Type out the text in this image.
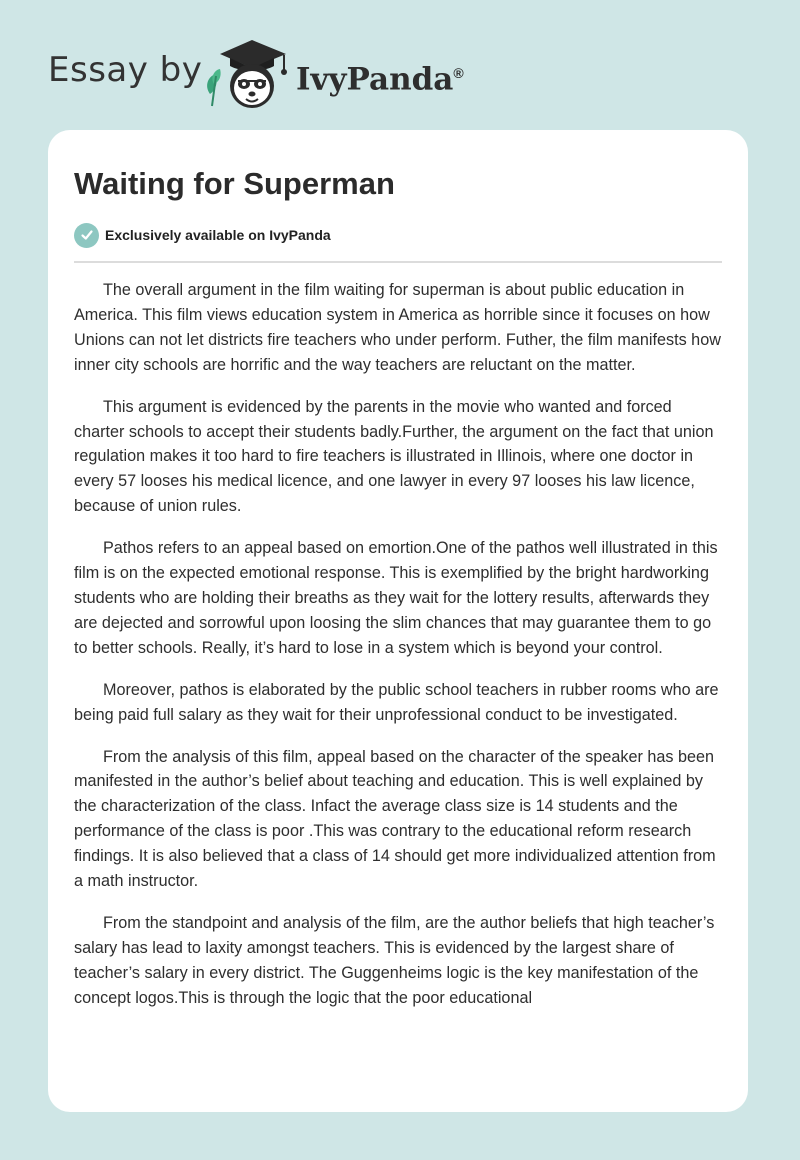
Essay by	IvyPanda®
Waiting for Superman
Exclusively available on IvyPanda

The overall argument in the film waiting for superman is about public education in America. This film views education system in America as horrible since it focuses on how Unions can not let districts fire teachers who under perform. Futher, the film manifests how inner city schools are horrific and the way teachers are reluctant on the matter.

This argument is evidenced by the parents in the movie who wanted and forced charter schools to accept their students badly.Further, the argument on the fact that union regulation makes it too hard to fire teachers is illustrated in Illinois, where one doctor in every 57 looses his medical licence, and one lawyer in every 97 looses his law licence, because of union rules.

Pathos refers to an appeal based on emortion.One of the pathos well illustrated in this film is on the expected emotional response. This is exemplified by the bright hardworking students who are holding their breaths as they wait for the lottery results, afterwards they are dejected and sorrowful upon loosing the slim chances that may guarantee them to go to better schools. Really, it’s hard to lose in a system which is beyond your control.

Moreover, pathos is elaborated by the public school teachers in rubber rooms who are being paid full salary as they wait for their unprofessional conduct to be investigated.

From the analysis of this film, appeal based on the character of the speaker has been manifested in the author’s belief about teaching and education. This is well explained by the characterization of the class. Infact the average class size is 14 students and the performance of the class is poor .This was contrary to the educational reform research findings. It is also believed that a class of 14 should get more individualized attention from a math instructor.

From the standpoint and analysis of the film, are the author beliefs that high teacher’s salary has lead to laxity amongst teachers. This is evidenced by the largest share of teacher’s salary in every district. The Guggenheims logic is the key manifestation of the concept logos.This is through the logic that the poor educational
